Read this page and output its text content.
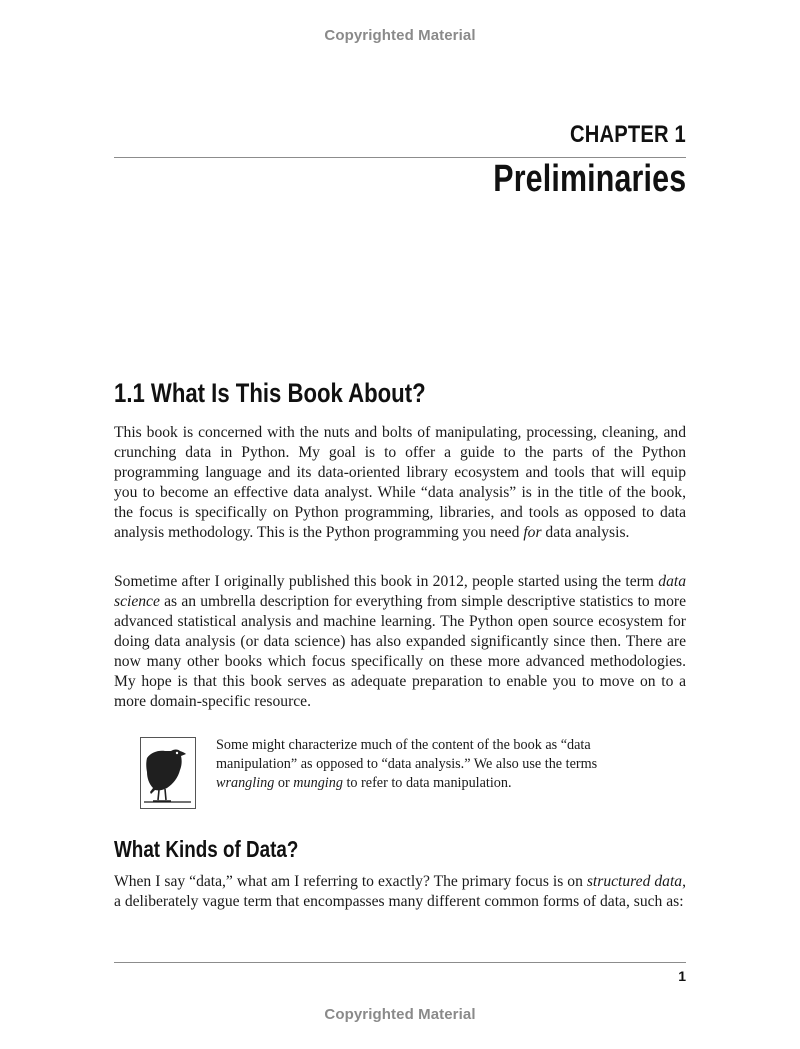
Copyrighted Material
CHAPTER 1
Preliminaries
1.1 What Is This Book About?

This book is concerned with the nuts and bolts of manipulating, processing, cleaning, and crunching data in Python. My goal is to offer a guide to the parts of the Python programming language and its data-oriented library ecosystem and tools that will equip you to become an effective data analyst. While “data analysis” is in the title of the book, the focus is specifically on Python programming, libraries, and tools as opposed to data analysis methodology. This is the Python programming you need for data analysis.

Sometime after I originally published this book in 2012, people started using the term data science as an umbrella description for everything from simple descriptive statistics to more advanced statistical analysis and machine learning. The Python open source ecosystem for doing data analysis (or data science) has also expanded significantly since then. There are now many other books which focus specifically on these more advanced methodologies. My hope is that this book serves as adequate preparation to enable you to move on to a more domain-specific resource.

Some might characterize much of the content of the book as “data manipulation” as opposed to “data analysis.” We also use the terms wrangling or munging to refer to data manipulation.

What Kinds of Data?

When I say “data,” what am I referring to exactly? The primary focus is on structured data, a deliberately vague term that encompasses many different common forms of data, such as:

1
Copyrighted Material
